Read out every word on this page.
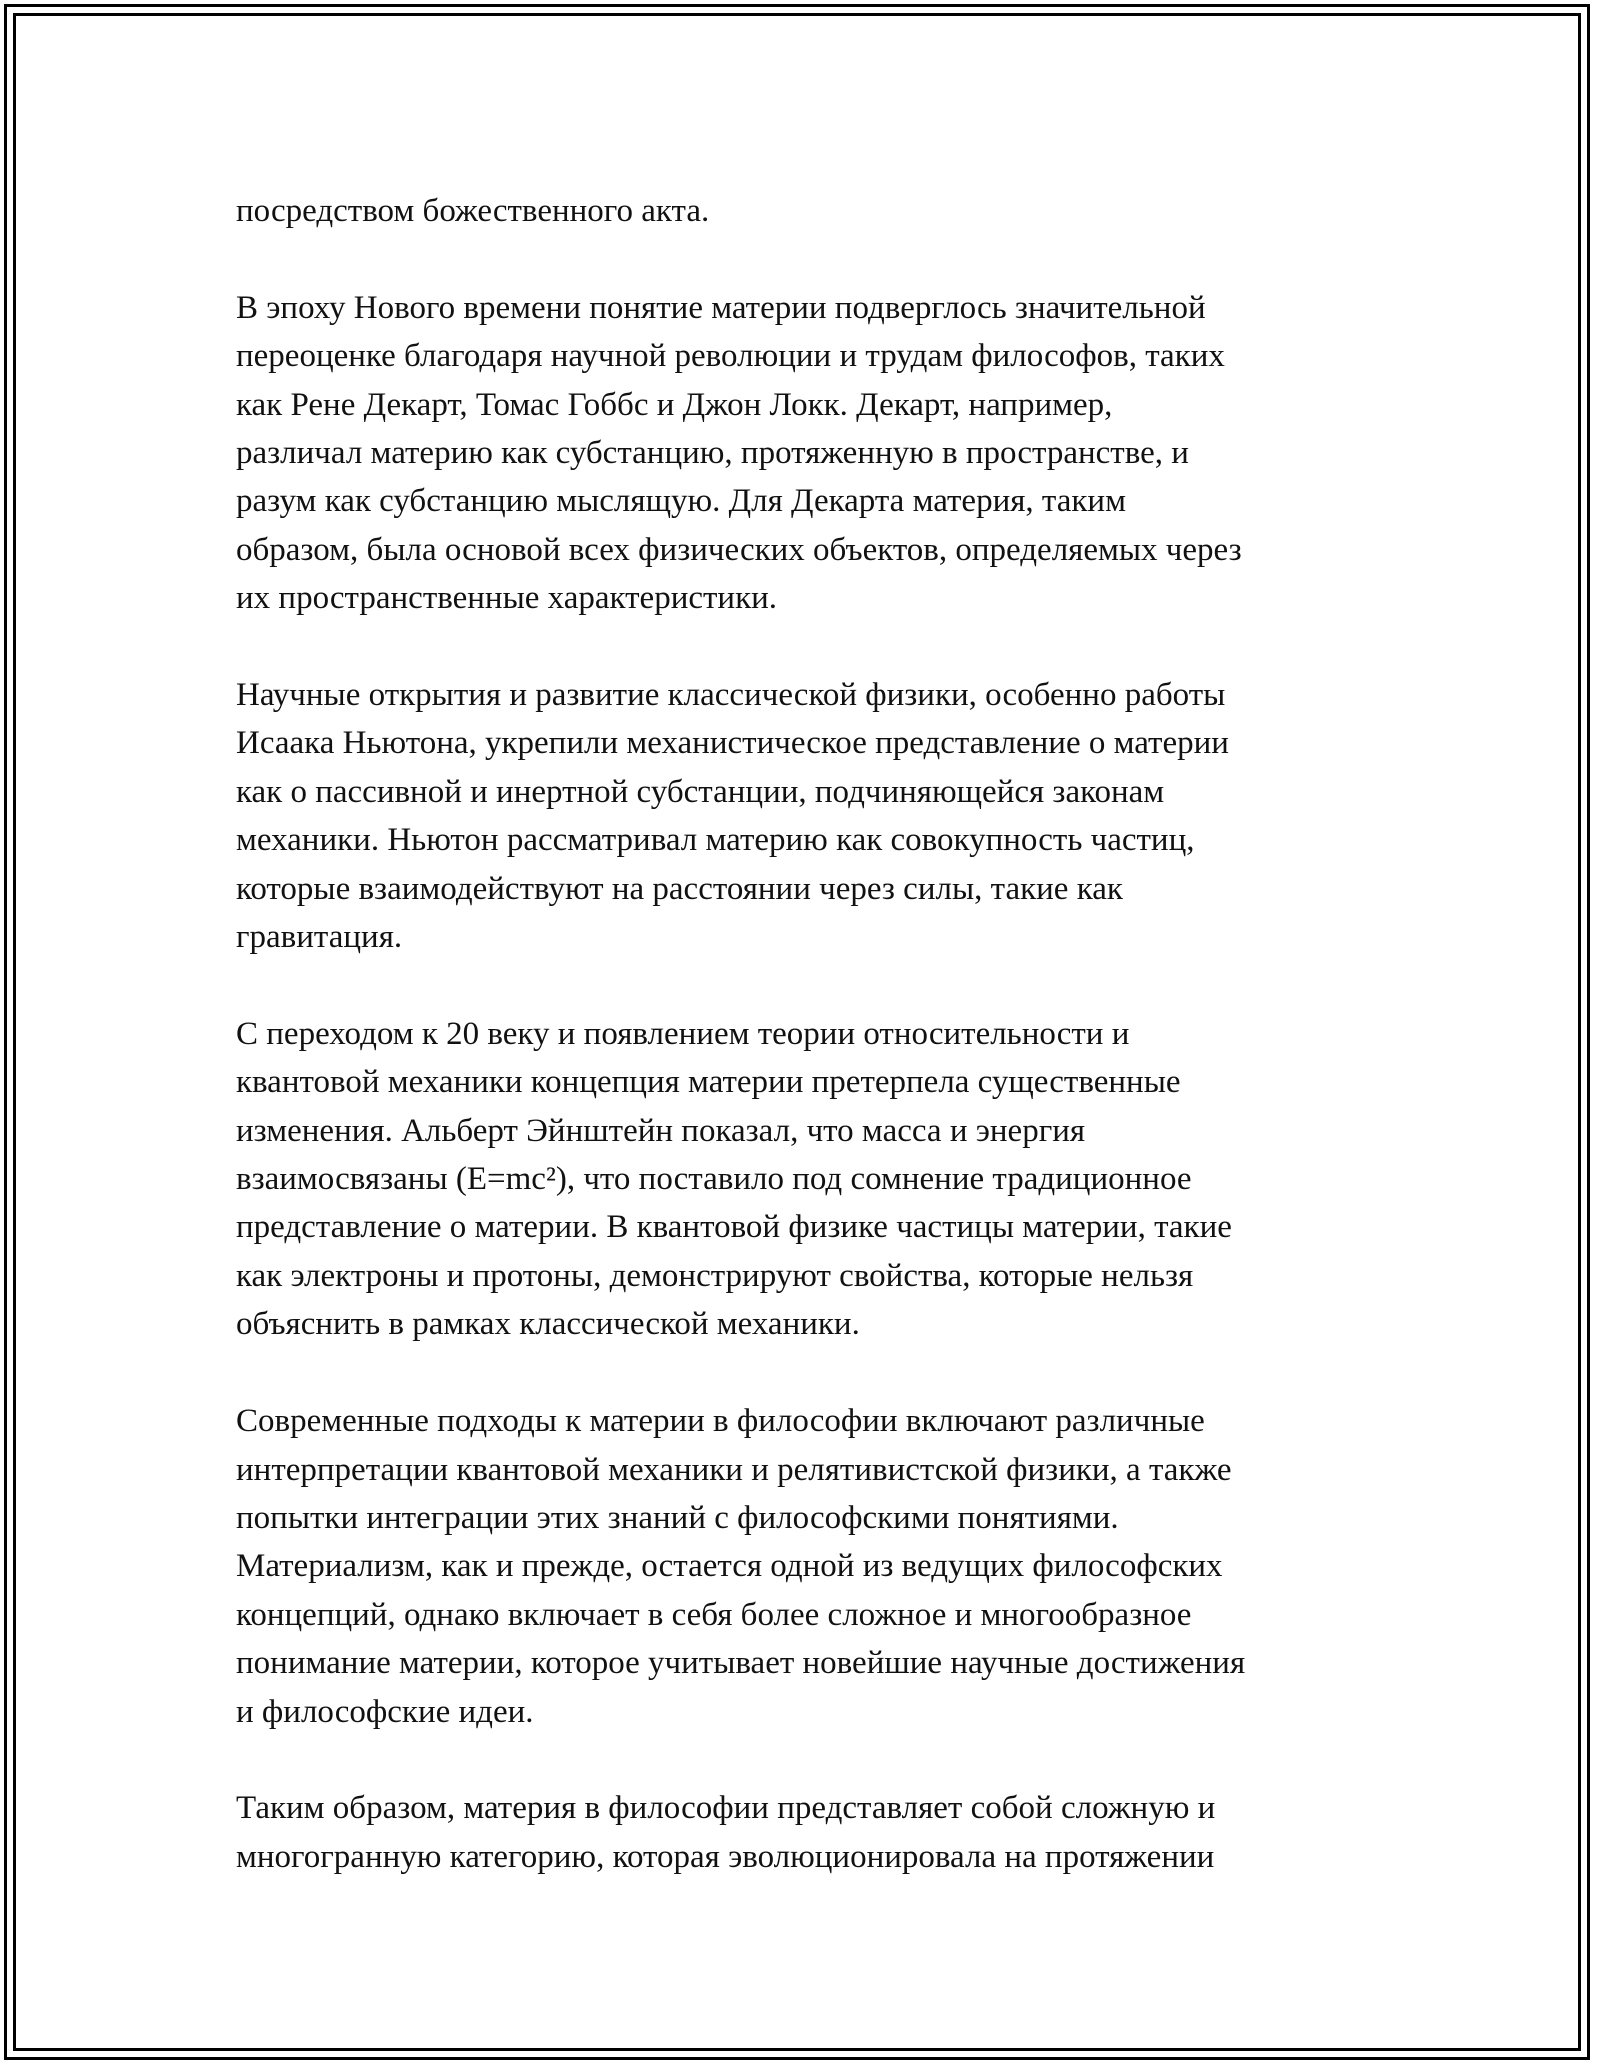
посредством божественного акта.

В эпоху Нового времени понятие материи подверглось значительной
переоценке благодаря научной революции и трудам философов, таких
как Рене Декарт, Томас Гоббс и Джон Локк. Декарт, например,
различал материю как субстанцию, протяженную в пространстве, и
разум как субстанцию мыслящую. Для Декарта материя, таким
образом, была основой всех физических объектов, определяемых через
их пространственные характеристики.

Научные открытия и развитие классической физики, особенно работы
Исаака Ньютона, укрепили механистическое представление о материи
как о пассивной и инертной субстанции, подчиняющейся законам
механики. Ньютон рассматривал материю как совокупность частиц,
которые взаимодействуют на расстоянии через силы, такие как
гравитация.

С переходом к 20 веку и появлением теории относительности и
квантовой механики концепция материи претерпела существенные
изменения. Альберт Эйнштейн показал, что масса и энергия
взаимосвязаны (E=mc²), что поставило под сомнение традиционное
представление о материи. В квантовой физике частицы материи, такие
как электроны и протоны, демонстрируют свойства, которые нельзя
объяснить в рамках классической механики.

Современные подходы к материи в философии включают различные
интерпретации квантовой механики и релятивистской физики, а также
попытки интеграции этих знаний с философскими понятиями.
Материализм, как и прежде, остается одной из ведущих философских
концепций, однако включает в себя более сложное и многообразное
понимание материи, которое учитывает новейшие научные достижения
и философские идеи.

Таким образом, материя в философии представляет собой сложную и
многогранную категорию, которая эволюционировала на протяжении
